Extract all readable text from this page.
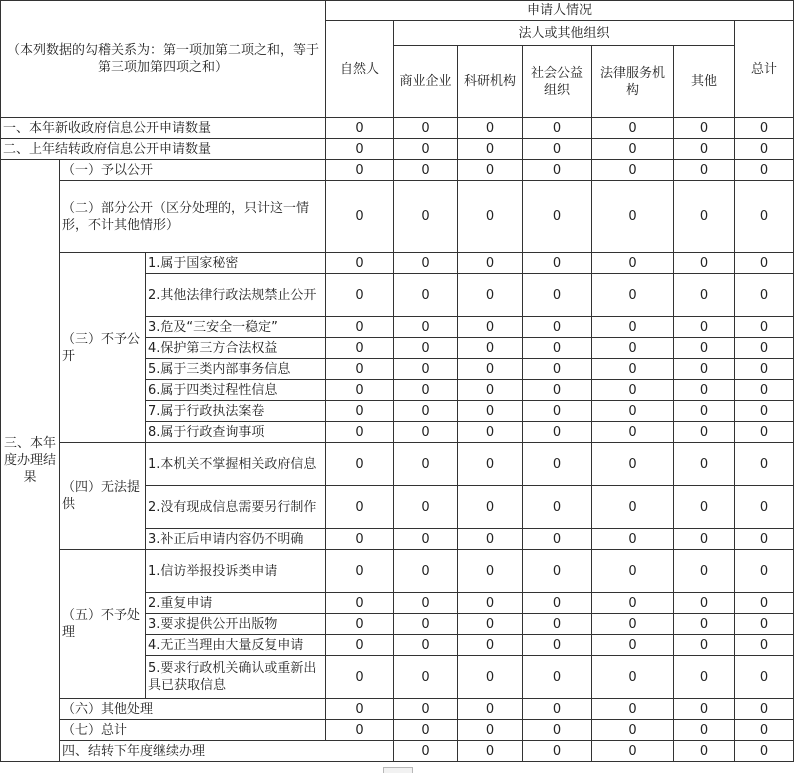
（本列数据的勾稽关系为：第一项加第二项之和，等于第三项加第四项之和）			申请人情况							
			自然人	法人或其他组织					总计	
				商业企业	科研机构	社会公益组织	法律服务机构	其他		
一、本年新收政府信息公开申请数量			0	0	0	0	0	0	0	
二、上年结转政府信息公开申请数量			0	0	0	0	0	0	0	
三、本年度办理结果	（一）予以公开		0	0	0	0	0	0	0	
	（二）部分公开（区分处理的，只计这一情形，不计其他情形）		0	0	0	0	0	0	0	
	（三）不予公开	1.属于国家秘密	0	0	0	0	0	0	0	
		2.其他法律行政法规禁止公开	0	0	0	0	0	0	0	
		3.危及“三安全一稳定”	0	0	0	0	0	0	0	
		4.保护第三方合法权益	0	0	0	0	0	0	0	
		5.属于三类内部事务信息	0	0	0	0	0	0	0	
		6.属于四类过程性信息	0	0	0	0	0	0	0	
		7.属于行政执法案卷	0	0	0	0	0	0	0	
		8.属于行政查询事项	0	0	0	0	0	0	0	
	（四）无法提供	1.本机关不掌握相关政府信息	0	0	0	0	0	0	0	
		2.没有现成信息需要另行制作	0	0	0	0	0	0	0	
		3.补正后申请内容仍不明确	0	0	0	0	0	0	0	
	（五）不予处理	1.信访举报投诉类申请	0	0	0	0	0	0	0	
		2.重复申请	0	0	0	0	0	0	0	
		3.要求提供公开出版物	0	0	0	0	0	0	0	
		4.无正当理由大量反复申请	0	0	0	0	0	0	0	
		5.要求行政机关确认或重新出具已获取信息	0	0	0	0	0	0	0	
	（六）其他处理		0	0	0	0	0	0	0	
	（七）总计		0	0	0	0	0	0	0	
	四、结转下年度继续办理			0	0	0	0	0	0	
